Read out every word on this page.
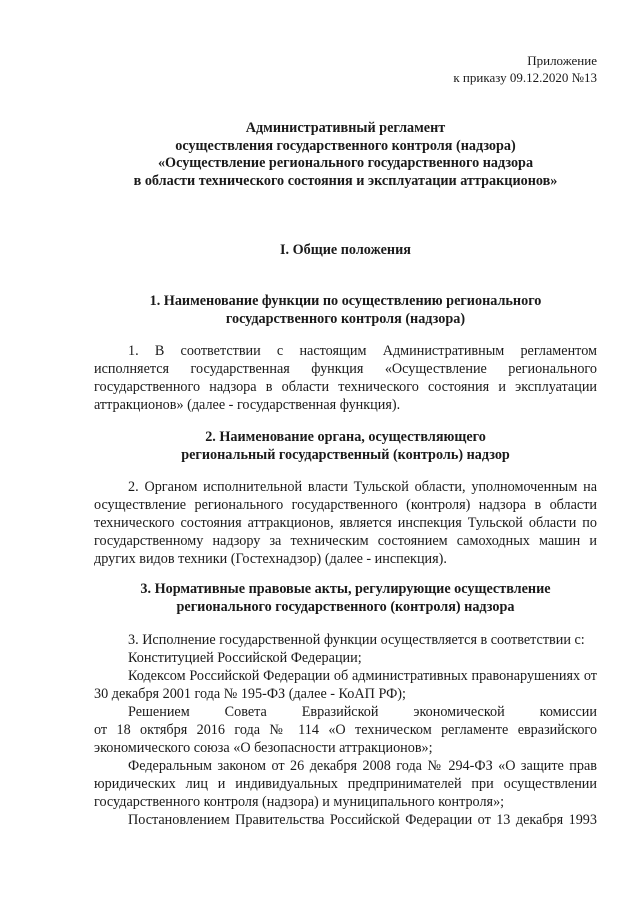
Приложение
к приказу 09.12.2020 №13
Административный регламент
осуществления государственного контроля (надзора)
«Осуществление регионального государственного надзора
в области технического состояния и эксплуатации аттракционов»
I. Общие положения
1. Наименование функции по осуществлению регионального
государственного контроля (надзора)
1. В соответствии с настоящим Административным регламентом
исполняется государственная функция «Осуществление регионального
государственного надзора в области технического состояния и эксплуатации
аттракционов» (далее - государственная функция).
2. Наименование органа, осуществляющего
региональный государственный (контроль) надзор
2. Органом исполнительной власти Тульской области, уполномоченным на
осуществление регионального государственного (контроля) надзора в области
технического состояния аттракционов, является инспекция Тульской области по
государственному надзору за техническим состоянием самоходных машин и
других видов техники (Гостехнадзор) (далее - инспекция).
3. Нормативные правовые акты, регулирующие осуществление
регионального государственного (контроля) надзора
3. Исполнение государственной функции осуществляется в соответствии с:
Конституцией Российской Федерации;
Кодексом Российской Федерации об административных правонарушениях от
30 декабря 2001 года № 195-ФЗ (далее - КоАП РФ);
Решением Совета Евразийской экономической комиссии
от 18 октября 2016 года № 114 «О техническом регламенте евразийского
экономического союза «О безопасности аттракционов»;
Федеральным законом от 26 декабря 2008 года № 294-ФЗ «О защите прав
юридических лиц и индивидуальных предпринимателей при осуществлении
государственного контроля (надзора) и муниципального контроля»;
Постановлением Правительства Российской Федерации от 13 декабря 1993
